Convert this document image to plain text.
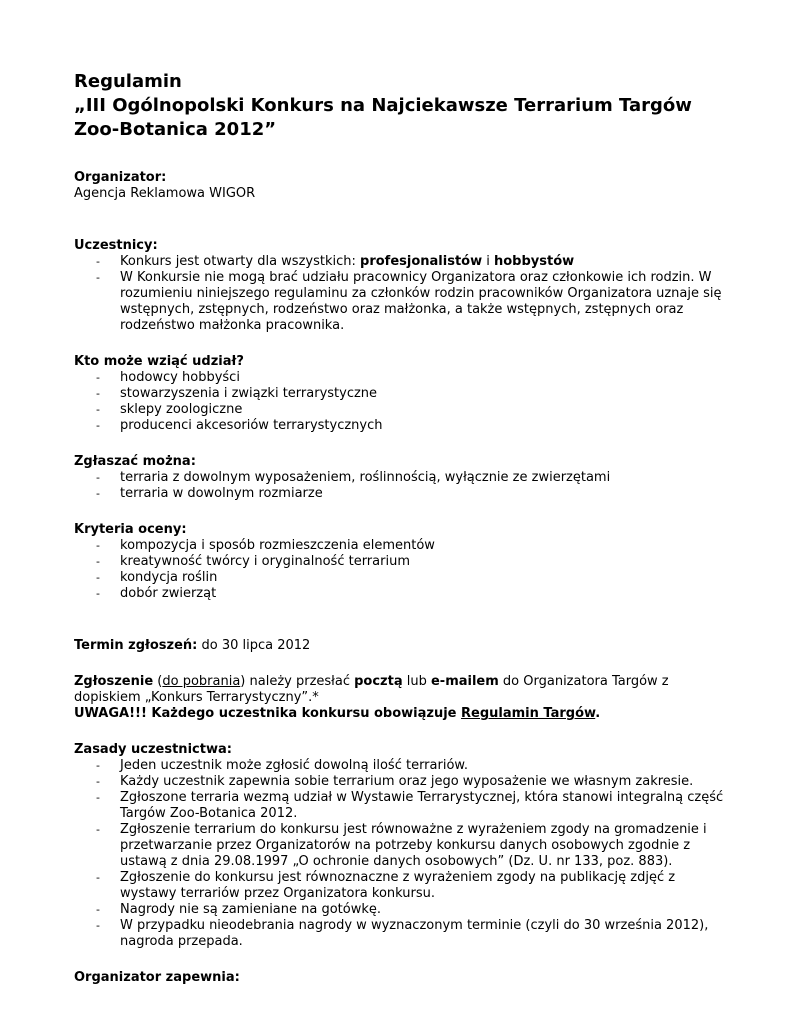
Regulamin
„III Ogólnopolski Konkurs na Najciekawsze Terrarium Targów
Zoo-Botanica 2012”
Organizator:
Agencja Reklamowa WIGOR
Uczestnicy:
- Konkurs jest otwarty dla wszystkich: profesjonalistów i hobbystów
- W Konkursie nie mogą brać udziału pracownicy Organizatora oraz członkowie ich rodzin. W rozumieniu niniejszego regulaminu za członków rodzin pracowników Organizatora uznaje się wstępnych, zstępnych, rodzeństwo oraz małżonka, a także wstępnych, zstępnych oraz rodzeństwo małżonka pracownika.
Kto może wziąć udział?
- hodowcy hobbyści
- stowarzyszenia i związki terrarystyczne
- sklepy zoologiczne
- producenci akcesoriów terrarystycznych
Zgłaszać można:
- terraria z dowolnym wyposażeniem, roślinnością, wyłącznie ze zwierzętami
- terraria w dowolnym rozmiarze
Kryteria oceny:
- kompozycja i sposób rozmieszczenia elementów
- kreatywność twórcy i oryginalność terrarium
- kondycja roślin
- dobór zwierząt
Termin zgłoszeń: do 30 lipca 2012
Zgłoszenie (do pobrania) należy przesłać pocztą lub e-mailem do Organizatora Targów z dopiskiem „Konkurs Terrarystyczny”.*
UWAGA!!! Każdego uczestnika konkursu obowiązuje Regulamin Targów.
Zasady uczestnictwa:
- Jeden uczestnik może zgłosić dowolną ilość terrariów.
- Każdy uczestnik zapewnia sobie terrarium oraz jego wyposażenie we własnym zakresie.
- Zgłoszone terraria wezmą udział w Wystawie Terrarystycznej, która stanowi integralną część Targów Zoo-Botanica 2012.
- Zgłoszenie terrarium do konkursu jest równoważne z wyrażeniem zgody na gromadzenie i przetwarzanie przez Organizatorów na potrzeby konkursu danych osobowych zgodnie z ustawą z dnia 29.08.1997 „O ochronie danych osobowych” (Dz. U. nr 133, poz. 883).
- Zgłoszenie do konkursu jest równoznaczne z wyrażeniem zgody na publikację zdjęć z wystawy terrariów przez Organizatora konkursu.
- Nagrody nie są zamieniane na gotówkę.
- W przypadku nieodebrania nagrody w wyznaczonym terminie (czyli do 30 września 2012), nagroda przepada.
Organizator zapewnia:
